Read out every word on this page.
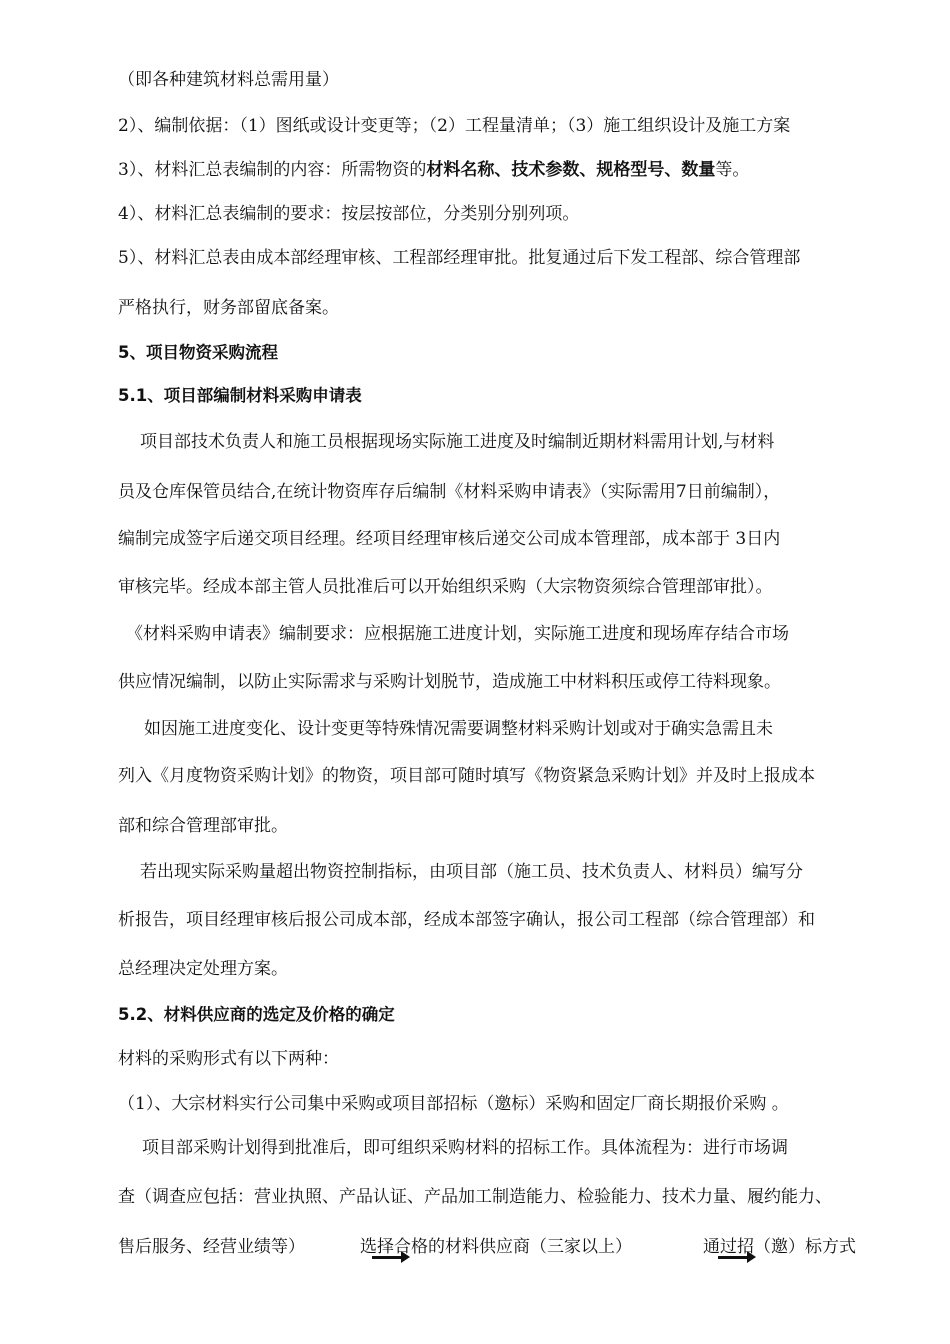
（即各种建筑材料总需用量）
2）、编制依据：（1）图纸或设计变更等；（2）工程量清单；（3）施工组织设计及施工方案
3）、材料汇总表编制的内容：所需物资的材料名称、技术参数、规格型号、数量等。
4）、材料汇总表编制的要求：按层按部位，分类别分别列项。
5）、材料汇总表由成本部经理审核、工程部经理审批。批复通过后下发工程部、综合管理部
严格执行，财务部留底备案。
5、项目物资采购流程
5.1、项目部编制材料采购申请表
项目部技术负责人和施工员根据现场实际施工进度及时编制近期材料需用计划,与材料
员及仓库保管员结合,在统计物资库存后编制《材料采购申请表》（实际需用7日前编制），
编制完成签字后递交项目经理。经项目经理审核后递交公司成本管理部，成本部于 3日内
审核完毕。经成本部主管人员批准后可以开始组织采购（大宗物资须综合管理部审批）。
《材料采购申请表》编制要求：应根据施工进度计划，实际施工进度和现场库存结合市场
供应情况编制，以防止实际需求与采购计划脱节，造成施工中材料积压或停工待料现象。
如因施工进度变化、设计变更等特殊情况需要调整材料采购计划或对于确实急需且未
列入《月度物资采购计划》的物资，项目部可随时填写《物资紧急采购计划》并及时上报成本
部和综合管理部审批。
若出现实际采购量超出物资控制指标，由项目部（施工员、技术负责人、材料员）编写分
析报告，项目经理审核后报公司成本部，经成本部签字确认，报公司工程部（综合管理部）和
总经理决定处理方案。
5.2、材料供应商的选定及价格的确定
材料的采购形式有以下两种：
（1）、大宗材料实行公司集中采购或项目部招标（邀标）采购和固定厂商长期报价采购 。
项目部采购计划得到批准后，即可组织采购材料的招标工作。具体流程为：进行市场调
查（调查应包括：营业执照、产品认证、产品加工制造能力、检验能力、技术力量、履约能力、
售后服务、经营业绩等）	选择合格的材料供应商（三家以上）	通过招（邀）标方式
